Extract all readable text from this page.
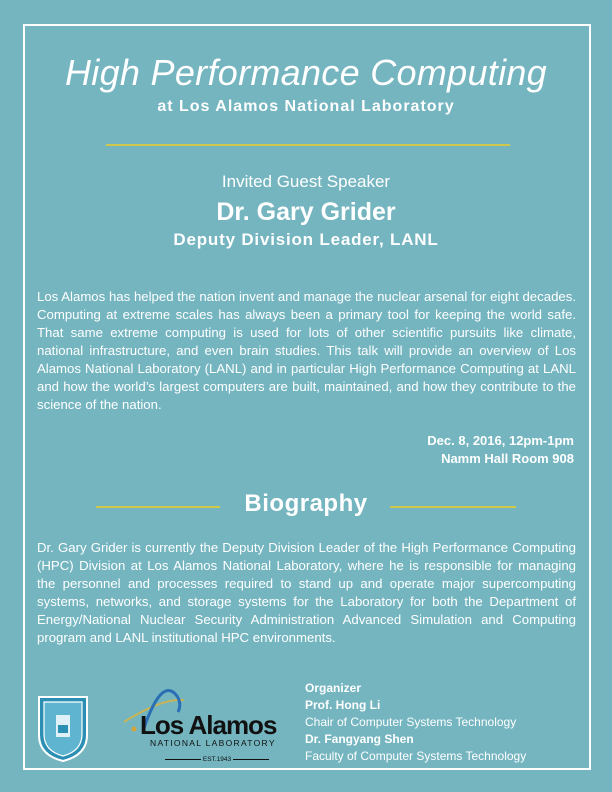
High Performance Computing
at Los Alamos National Laboratory
Invited Guest Speaker
Dr. Gary Grider
Deputy Division Leader, LANL
Los Alamos has helped the nation invent and manage the nuclear arsenal for eight decades. Computing at extreme scales has always been a primary tool for keeping the world safe. That same extreme computing is used for lots of other scientific pursuits like climate, national infrastructure, and even brain studies. This talk will provide an overview of Los Alamos National Laboratory (LANL) and in particular High Performance Computing at LANL and how the world’s largest computers are built, maintained, and how they contribute to the science of the nation.
Dec. 8, 2016, 12pm-1pm
Namm Hall Room 908
Biography
Dr. Gary Grider is currently the Deputy Division Leader of the High Performance Computing (HPC) Division at Los Alamos National Laboratory, where he is responsible for managing the personnel and processes required to stand up and operate major supercomputing systems, networks, and storage systems for the Laboratory for both the Department of Energy/National Nuclear Security Administration Advanced Simulation and Computing program and LANL institutional HPC environments.
Los Alamos
NATIONAL LABORATORY
EST.1943
Organizer
Prof. Hong Li
Chair of Computer Systems Technology
Dr. Fangyang Shen
Faculty of Computer Systems Technology
